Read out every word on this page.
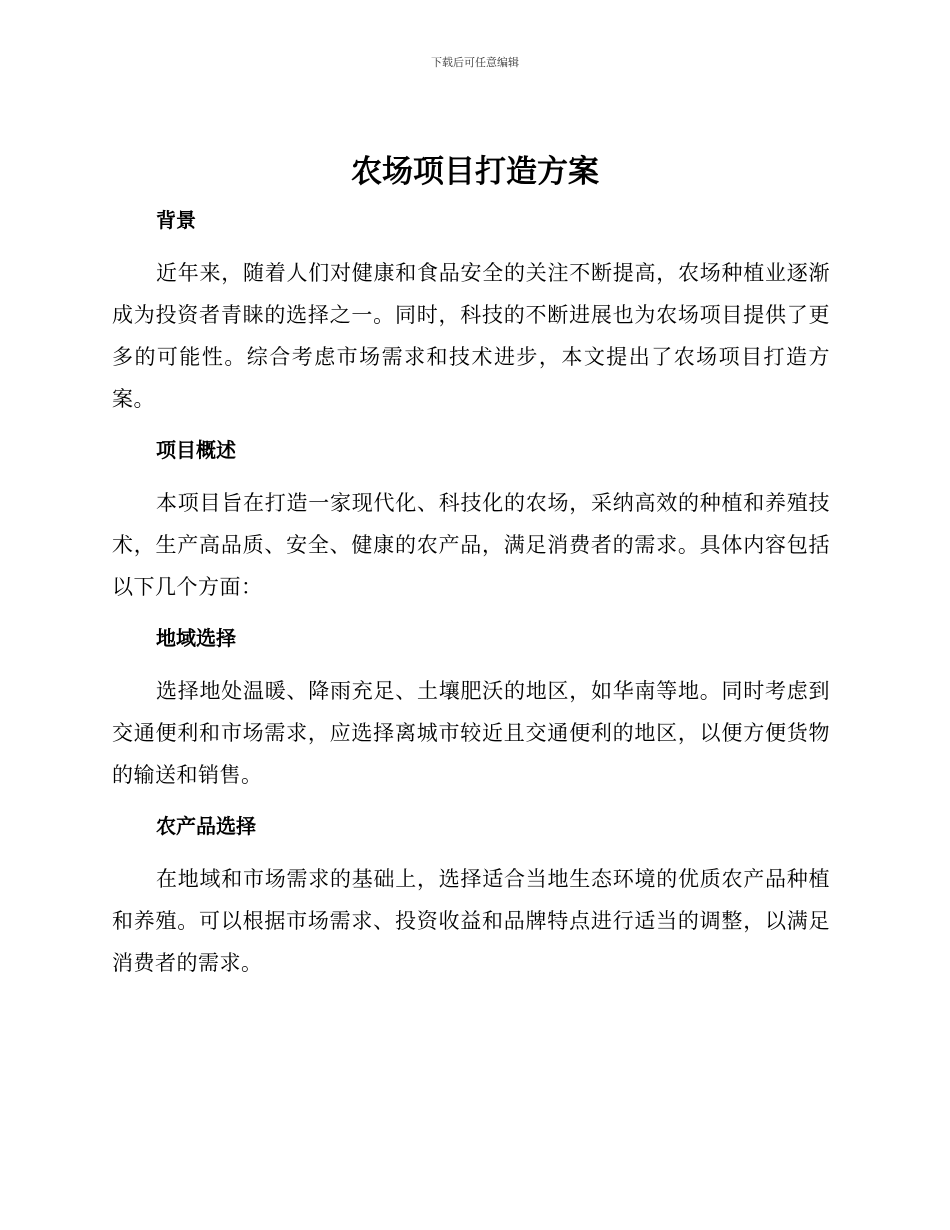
下载后可任意编辑
农场项目打造方案
背景

近年来，随着人们对健康和食品安全的关注不断提高，农场种植业逐渐成为投资者青睐的选择之一。同时，科技的不断进展也为农场项目提供了更多的可能性。综合考虑市场需求和技术进步，本文提出了农场项目打造方案。

项目概述

本项目旨在打造一家现代化、科技化的农场，采纳高效的种植和养殖技术，生产高品质、安全、健康的农产品，满足消费者的需求。具体内容包括以下几个方面：

地域选择

选择地处温暖、降雨充足、土壤肥沃的地区，如华南等地。同时考虑到交通便利和市场需求，应选择离城市较近且交通便利的地区，以便方便货物的输送和销售。

农产品选择

在地域和市场需求的基础上，选择适合当地生态环境的优质农产品种植和养殖。可以根据市场需求、投资收益和品牌特点进行适当的调整，以满足消费者的需求。
